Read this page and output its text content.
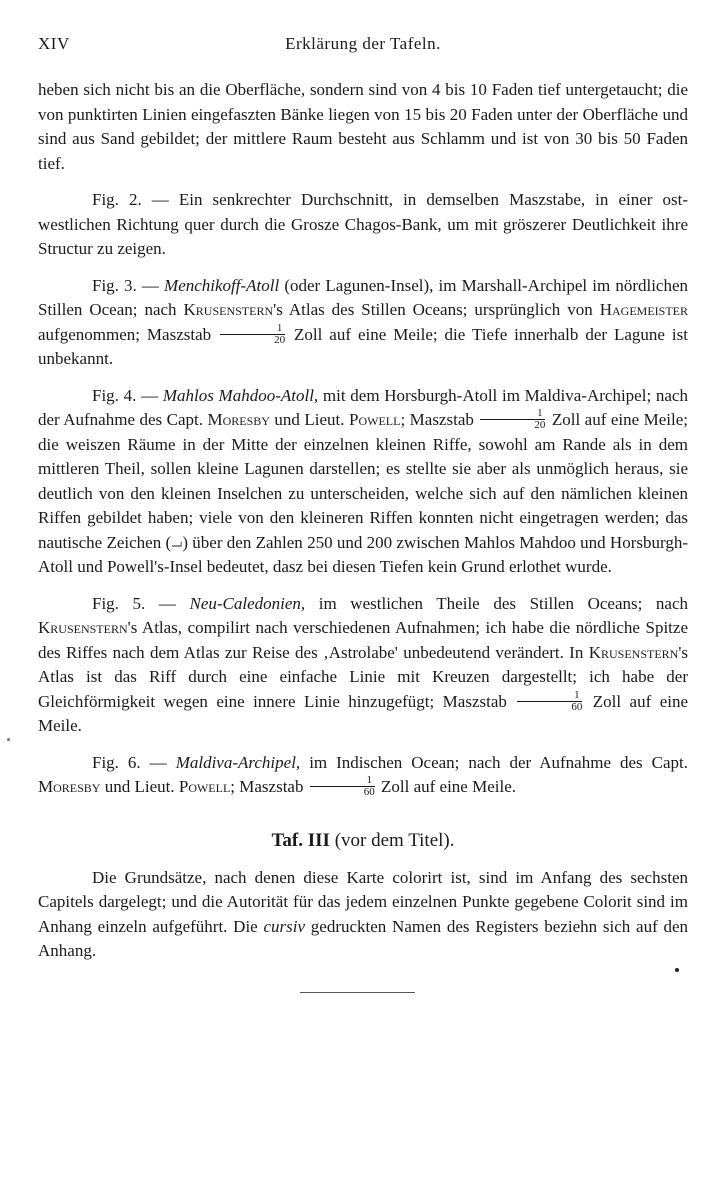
XIV	Erklärung der Tafeln.

heben sich nicht bis an die Oberfläche, sondern sind von 4 bis 10 Faden tief untergetaucht; die von punktirten Linien eingefaszten Bänke liegen von 15 bis 20 Faden unter der Oberfläche und sind aus Sand gebildet; der mittlere Raum besteht aus Schlamm und ist von 30 bis 50 Faden tief.

Fig. 2. — Ein senkrechter Durchschnitt, in demselben Maszstabe, in einer ost-westlichen Richtung quer durch die Grosze Chagos-Bank, um mit gröszerer Deutlichkeit ihre Structur zu zeigen.

Fig. 3. — Menchikoff-Atoll (oder Lagunen-Insel), im Marshall-Archipel im nördlichen Stillen Ocean; nach Krusenstern's Atlas des Stillen Oceans; ursprünglich von Hagemeister aufgenommen; Maszstab $\frac{1}{20}$ Zoll auf eine Meile; die Tiefe innerhalb der Lagune ist unbekannt.

Fig. 4. — Mahlos Mahdoo-Atoll, mit dem Horsburgh-Atoll im Maldiva-Archipel; nach der Aufnahme des Capt. Moresby und Lieut. Powell; Maszstab $\frac{1}{20}$ Zoll auf eine Meile; die weiszen Räume in der Mitte der einzelnen kleinen Riffe, sowohl am Rande als in dem mittleren Theil, sollen kleine Lagunen darstellen; es stellte sie aber als unmöglich heraus, sie deutlich von den kleinen Inselchen zu unterscheiden, welche sich auf den nämlichen kleinen Riffen gebildet haben; viele von den kleineren Riffen konnten nicht eingetragen werden; das nautische Zeichen (⏗) über den Zahlen 250 und 200 zwischen Mahlos Mahdoo und Horsburgh-Atoll und Powell's-Insel bedeutet, dasz bei diesen Tiefen kein Grund erlothet wurde.

Fig. 5. — Neu-Caledonien, im westlichen Theile des Stillen Oceans; nach Krusenstern's Atlas, compilirt nach verschiedenen Aufnahmen; ich habe die nördliche Spitze des Riffes nach dem Atlas zur Reise des ‚Astrolabe' unbedeutend verändert. In Krusenstern's Atlas ist das Riff durch eine einfache Linie mit Kreuzen dargestellt; ich habe der Gleichförmigkeit wegen eine innere Linie hinzugefügt; Maszstab $\frac{1}{60}$ Zoll auf eine Meile.

Fig. 6. — Maldiva-Archipel, im Indischen Ocean; nach der Aufnahme des Capt. Moresby und Lieut. Powell; Maszstab $\frac{1}{60}$ Zoll auf eine Meile.

Taf. III (vor dem Titel).

Die Grundsätze, nach denen diese Karte colorirt ist, sind im Anfang des sechsten Capitels dargelegt; und die Autorität für das jedem einzelnen Punkte gegebene Colorit sind im Anhang einzeln aufgeführt. Die cursiv gedruckten Namen des Registers beziehn sich auf den Anhang.
